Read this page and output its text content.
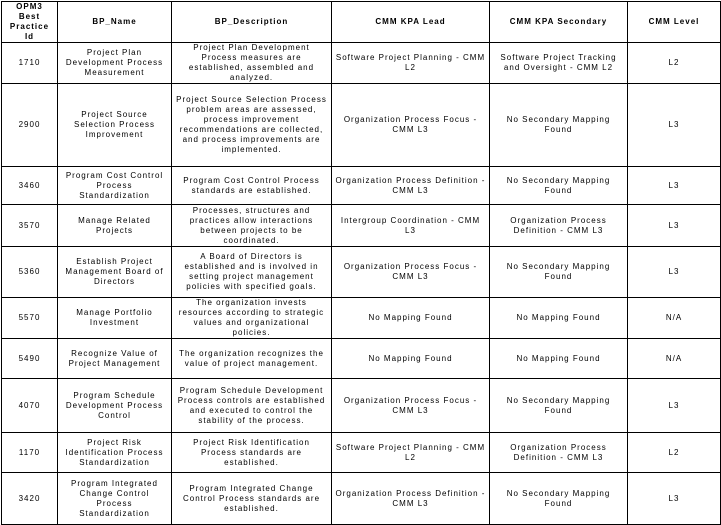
OPM3 Best Practice Id	BP_Name	BP_Description	CMM KPA Lead	CMM KPA Secondary	CMM Level
1710	Project Plan Development Process Measurement	Project Plan Development Process measures are established, assembled and analyzed.	Software Project Planning - CMM L2	Software Project Tracking and Oversight - CMM L2	L2
2900	Project Source Selection Process Improvement	Project Source Selection Process problem areas are assessed, process improvement recommendations are collected, and process improvements are implemented.	Organization Process Focus - CMM L3	No Secondary Mapping Found	L3
3460	Program Cost Control Process Standardization	Program Cost Control Process standards are established.	Organization Process Definition - CMM L3	No Secondary Mapping Found	L3
3570	Manage Related Projects	Processes, structures and practices allow interactions between projects to be coordinated.	Intergroup Coordination - CMM L3	Organization Process Definition - CMM L3	L3
5360	Establish Project Management Board of Directors	A Board of Directors is established and is involved in setting project management policies with specified goals.	Organization Process Focus - CMM L3	No Secondary Mapping Found	L3
5570	Manage Portfolio Investment	The organization invests resources according to strategic values and organizational policies.	No Mapping Found	No Mapping Found	N/A
5490	Recognize Value of Project Management	The organization recognizes the value of project management.	No Mapping Found	No Mapping Found	N/A
4070	Program Schedule Development Process Control	Program Schedule Development Process controls are established and executed to control the stability of the process.	Organization Process Focus - CMM L3	No Secondary Mapping Found	L3
1170	Project Risk Identification Process Standardization	Project Risk Identification Process standards are established.	Software Project Planning - CMM L2	Organization Process Definition - CMM L3	L2
3420	Program Integrated Change Control Process Standardization	Program Integrated Change Control Process standards are established.	Organization Process Definition - CMM L3	No Secondary Mapping Found	L3
